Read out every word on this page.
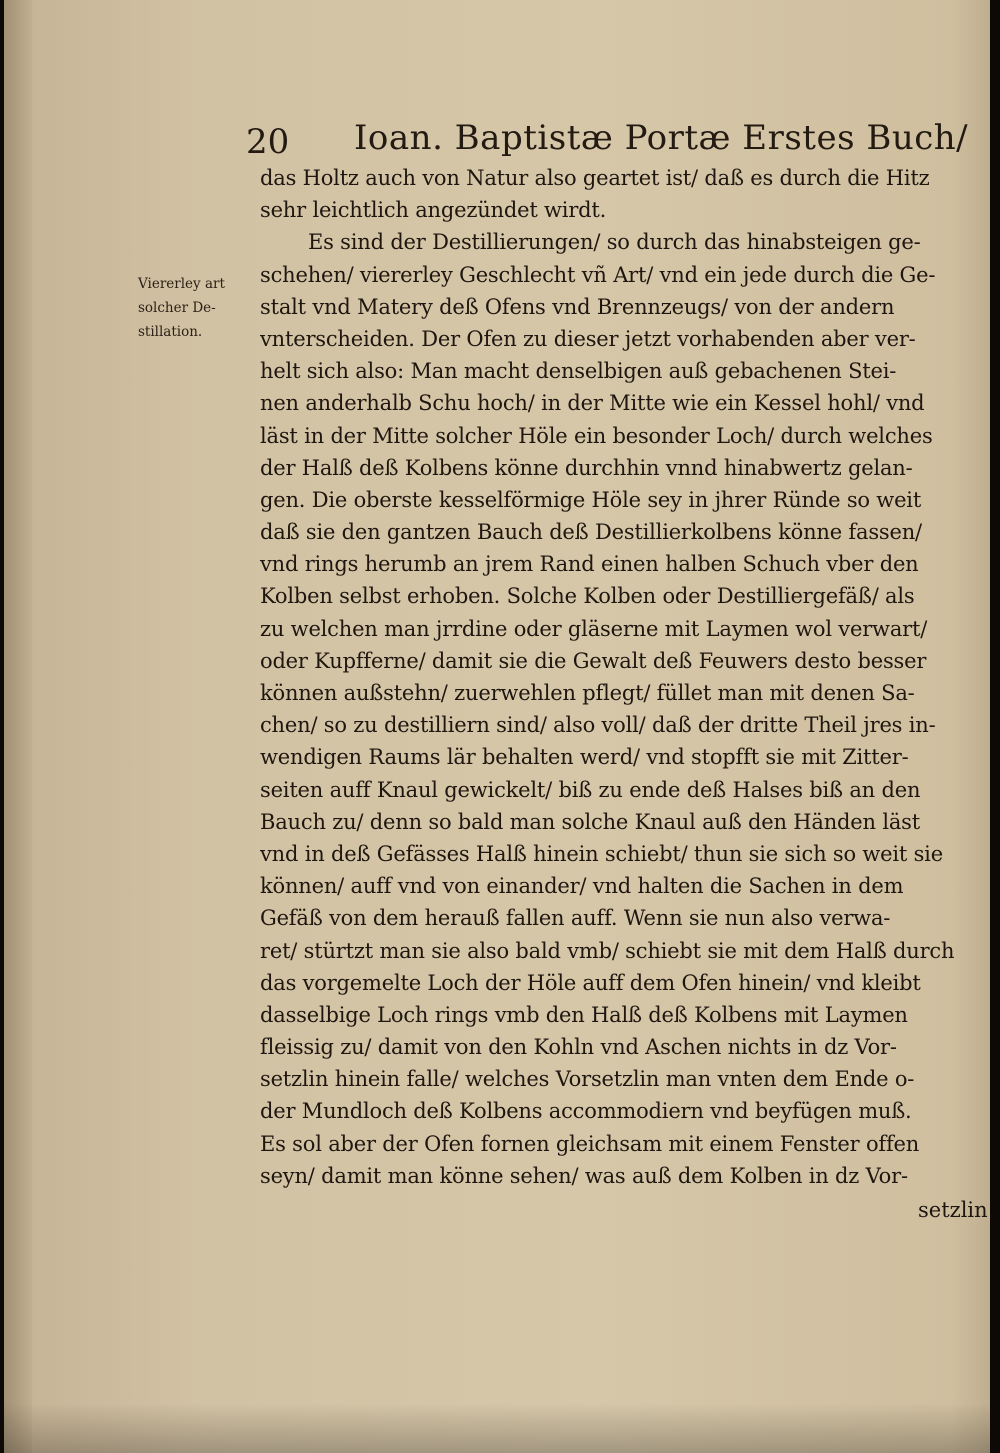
20 Ioan. Baptistæ Portæ Erstes Buch/
Viererley art
solcher De-
stillation.
das Holtz auch von Natur also geartet ist/ daß es durch die Hitz
sehr leichtlich angezündet wirdt.
Es sind der Destillierungen/ so durch das hinabsteigen ge-
schehen/ viererley Geschlecht vñ Art/ vnd ein jede durch die Ge-
stalt vnd Matery deß Ofens vnd Brennzeugs/ von der andern
vnterscheiden. Der Ofen zu dieser jetzt vorhabenden aber ver-
helt sich also: Man macht denselbigen auß gebachenen Stei-
nen anderhalb Schu hoch/ in der Mitte wie ein Kessel hohl/ vnd
läst in der Mitte solcher Höle ein besonder Loch/ durch welches
der Halß deß Kolbens könne durchhin vnnd hinabwertz gelan-
gen. Die oberste kesselförmige Höle sey in jhrer Ründe so weit
daß sie den gantzen Bauch deß Destillierkolbens könne fassen/
vnd rings herumb an jrem Rand einen halben Schuch vber den
Kolben selbst erhoben. Solche Kolben oder Destilliergefäß/ als
zu welchen man jrrdine oder gläserne mit Laymen wol verwart/
oder Kupfferne/ damit sie die Gewalt deß Feuwers desto besser
können außstehn/ zuerwehlen pflegt/ füllet man mit denen Sa-
chen/ so zu destilliern sind/ also voll/ daß der dritte Theil jres in-
wendigen Raums lär behalten werd/ vnd stopfft sie mit Zitter-
seiten auff Knaul gewickelt/ biß zu ende deß Halses biß an den
Bauch zu/ denn so bald man solche Knaul auß den Händen läst
vnd in deß Gefässes Halß hinein schiebt/ thun sie sich so weit sie
können/ auff vnd von einander/ vnd halten die Sachen in dem
Gefäß von dem herauß fallen auff. Wenn sie nun also verwa-
ret/ stürtzt man sie also bald vmb/ schiebt sie mit dem Halß durch
das vorgemelte Loch der Höle auff dem Ofen hinein/ vnd kleibt
dasselbige Loch rings vmb den Halß deß Kolbens mit Laymen
fleissig zu/ damit von den Kohln vnd Aschen nichts in dz Vor-
setzlin hinein falle/ welches Vorsetzlin man vnten dem Ende o-
der Mundloch deß Kolbens accommodiern vnd beyfügen muß.
Es sol aber der Ofen fornen gleichsam mit einem Fenster offen
seyn/ damit man könne sehen/ was auß dem Kolben in dz Vor-
setzlin
